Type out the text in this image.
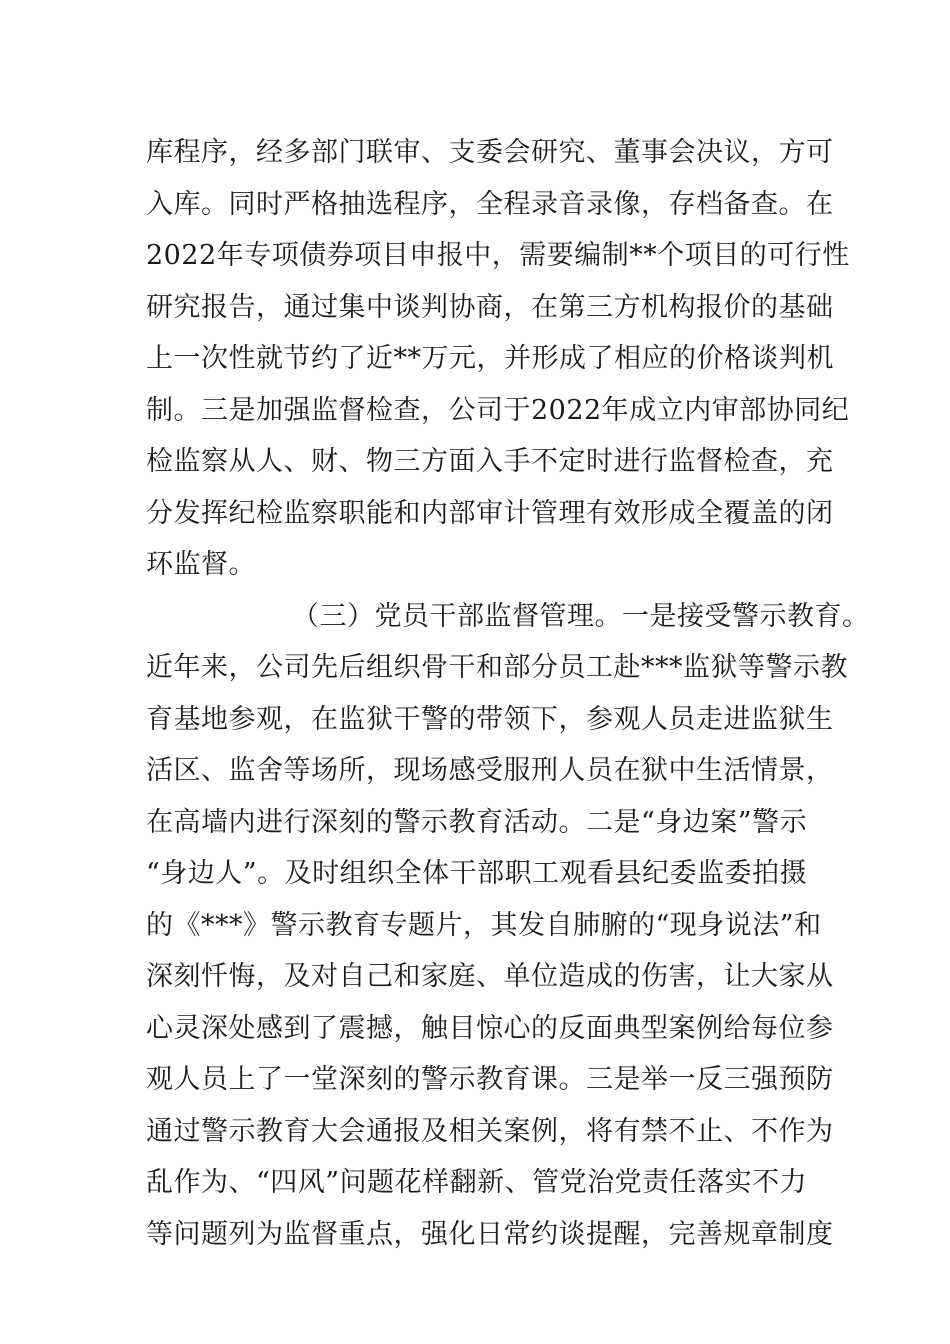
库程序，经多部门联审、支委会研究、董事会决议，方可
入库。同时严格抽选程序，全程录音录像，存档备查。在
2022年专项债券项目申报中，需要编制**个项目的可行性
研究报告，通过集中谈判协商，在第三方机构报价的基础
上一次性就节约了近**万元，并形成了相应的价格谈判机
制。三是加强监督检查，公司于2022年成立内审部协同纪
检监察从人、财、物三方面入手不定时进行监督检查，充
分发挥纪检监察职能和内部审计管理有效形成全覆盖的闭
环监督。
（三）党员干部监督管理。一是接受警示教育。
近年来，公司先后组织骨干和部分员工赴***监狱等警示教
育基地参观，在监狱干警的带领下，参观人员走进监狱生
活区、监舍等场所，现场感受服刑人员在狱中生活情景，
在高墙内进行深刻的警示教育活动。二是“身边案”警示
“身边人”。及时组织全体干部职工观看县纪委监委拍摄
的《***》警示教育专题片，其发自肺腑的“现身说法”和
深刻忏悔，及对自己和家庭、单位造成的伤害，让大家从
心灵深处感到了震撼，触目惊心的反面典型案例给每位参
观人员上了一堂深刻的警示教育课。三是举一反三强预防
通过警示教育大会通报及相关案例，将有禁不止、不作为
乱作为、“四风”问题花样翻新、管党治党责任落实不力
等问题列为监督重点，强化日常约谈提醒，完善规章制度
